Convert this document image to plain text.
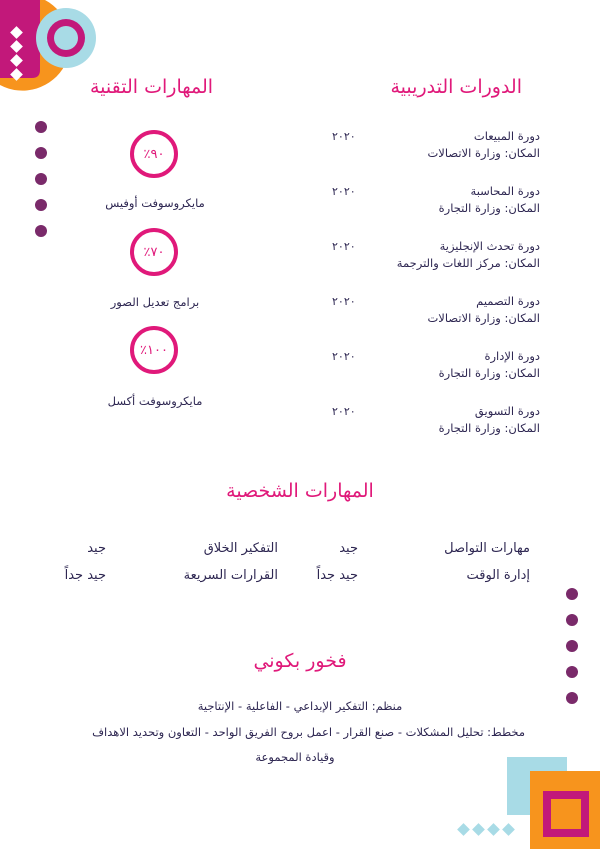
الدورات التدريبية
المهارات التقنية
دورة المبيعات
المكان: وزارة الاتصالات
٢٠٢٠
دورة المحاسبة
المكان: وزارة التجارة
٢٠٢٠
دورة تحدث الإنجليزية
المكان: مركز اللغات والترجمة
٢٠٢٠
دورة التصميم
المكان: وزارة الاتصالات
٢٠٢٠
دورة الإدارة
المكان: وزارة التجارة
٢٠٢٠
دورة التسويق
المكان: وزارة التجارة
٢٠٢٠
٩٠٪
مايكروسوفت أوفيس
٧٠٪
برامج تعديل الصور
١٠٠٪
مايكروسوفت أكسل
المهارات الشخصية
مهارات التواصل
جيد
التفكير الخلاق
جيد
إدارة الوقت
جيد جداً
القرارات السريعة
جيد جداً
فخور بكوني
منظم: التفكير الإبداعي - الفاعلية - الإنتاجية
مخطط: تحليل المشكلات - صنع القرار - اعمل بروح الفريق الواحد - التعاون وتحديد الاهداف
وقيادة المجموعة
